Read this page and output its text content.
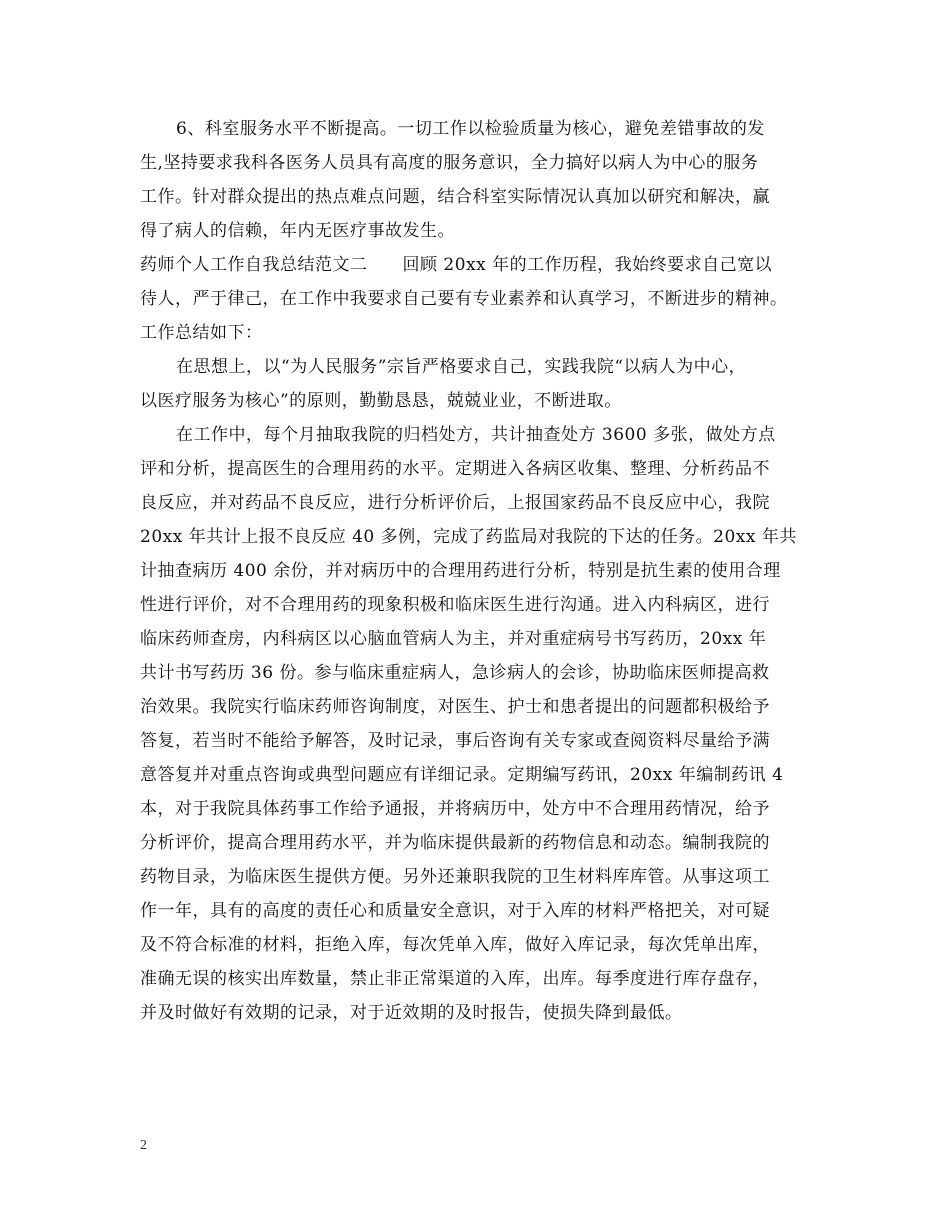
6、科室服务水平不断提高。一切工作以检验质量为核心，避免差错事故的发
生,坚持要求我科各医务人员具有高度的服务意识，全力搞好以病人为中心的服务
工作。针对群众提出的热点难点问题，结合科室实际情况认真加以研究和解决，赢
得了病人的信赖，年内无医疗事故发生。
药师个人工作自我总结范文二　　回顾 20xx 年的工作历程，我始终要求自己宽以
待人，严于律己，在工作中我要求自己要有专业素养和认真学习，不断进步的精神。
工作总结如下：
在思想上，以“为人民服务”宗旨严格要求自己，实践我院“以病人为中心，
以医疗服务为核心”的原则，勤勤恳恳，兢兢业业，不断进取。
在工作中，每个月抽取我院的归档处方，共计抽查处方 3600 多张，做处方点
评和分析，提高医生的合理用药的水平。定期进入各病区收集、整理、分析药品不
良反应，并对药品不良反应，进行分析评价后，上报国家药品不良反应中心，我院
20xx 年共计上报不良反应 40 多例，完成了药监局对我院的下达的任务。20xx 年共
计抽查病历 400 余份，并对病历中的合理用药进行分析，特别是抗生素的使用合理
性进行评价，对不合理用药的现象积极和临床医生进行沟通。进入内科病区，进行
临床药师查房，内科病区以心脑血管病人为主，并对重症病号书写药历，20xx 年
共计书写药历 36 份。参与临床重症病人，急诊病人的会诊，协助临床医师提高救
治效果。我院实行临床药师咨询制度，对医生、护士和患者提出的问题都积极给予
答复，若当时不能给予解答，及时记录，事后咨询有关专家或查阅资料尽量给予满
意答复并对重点咨询或典型问题应有详细记录。定期编写药讯，20xx 年编制药讯 4
本，对于我院具体药事工作给予通报，并将病历中，处方中不合理用药情况，给予
分析评价，提高合理用药水平，并为临床提供最新的药物信息和动态。编制我院的
药物目录，为临床医生提供方便。另外还兼职我院的卫生材料库库管。从事这项工
作一年，具有的高度的责任心和质量安全意识，对于入库的材料严格把关，对可疑
及不符合标准的材料，拒绝入库，每次凭单入库，做好入库记录，每次凭单出库，
准确无误的核实出库数量，禁止非正常渠道的入库，出库。每季度进行库存盘存，
并及时做好有效期的记录，对于近效期的及时报告，使损失降到最低。
2
